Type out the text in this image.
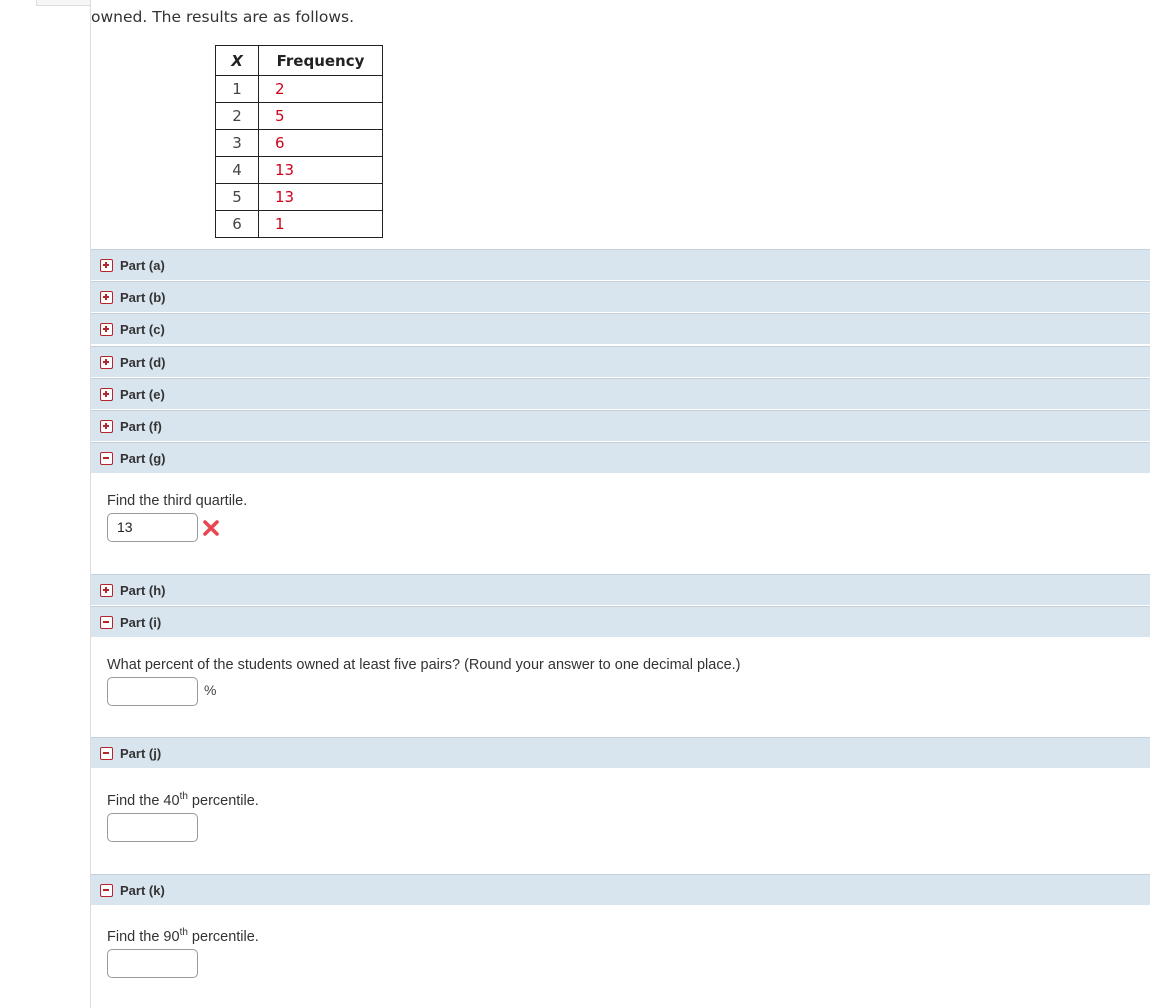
owned. The results are as follows.
X	Frequency
1	2
2	5
3	6
4	13
5	13
6	1
Part (a)
Part (b)
Part (c)
Part (d)
Part (e)
Part (f)
Part (g)
Find the third quartile.
13
Part (h)
Part (i)
What percent of the students owned at least five pairs? (Round your answer to one decimal place.)
%
Part (j)
Find the 40th percentile.
Part (k)
Find the 90th percentile.
